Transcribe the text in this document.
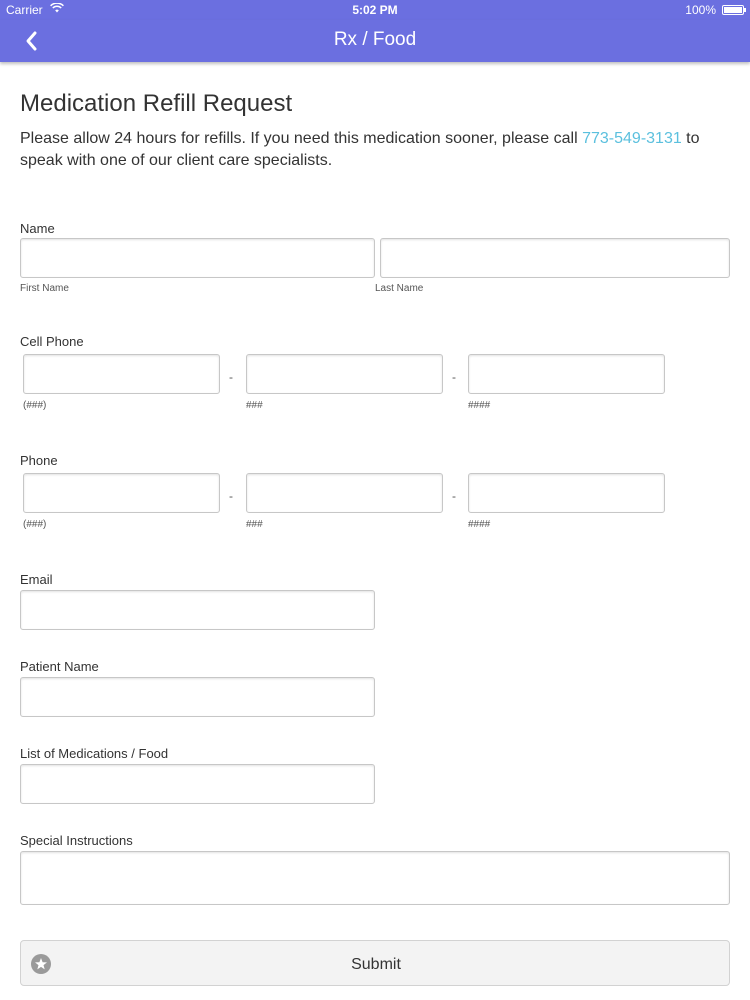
Carrier	5:02 PM	100%
Rx / Food
Medication Refill Request
Please allow 24 hours for refills. If you need this medication sooner, please call 773-549-3131 to speak with one of our client care specialists.
Name
First Name	Last Name
Cell Phone
-	-
(###)	###	####
Phone
-	-
(###)	###	####
Email
Patient Name
List of Medications / Food
Special Instructions
Submit
